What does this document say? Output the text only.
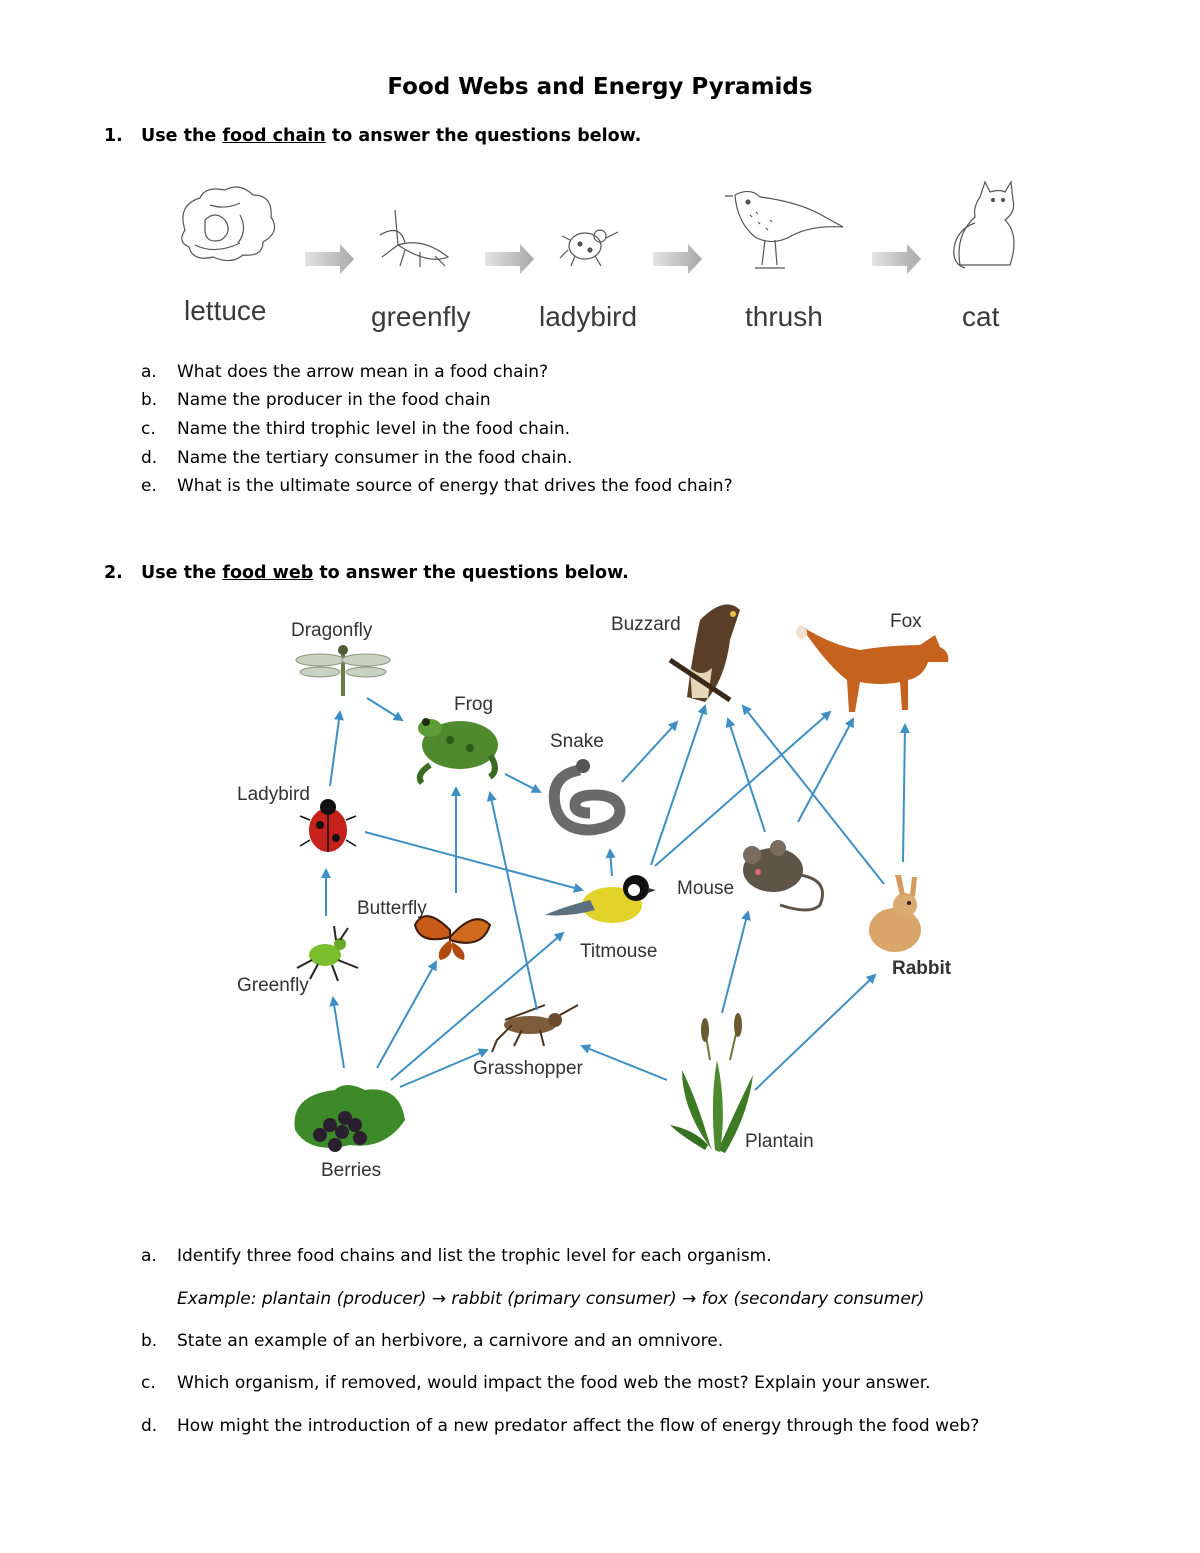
Food Webs and Energy Pyramids
1. Use the food chain to answer the questions below.
lettuce	greenfly ladybird	thrush	cat
a. What does the arrow mean in a food chain?
b. Name the producer in the food chain
c. Name the third trophic level in the food chain.
d. Name the tertiary consumer in the food chain.
e. What is the ultimate source of energy that drives the food chain?
2. Use the food web to answer the questions below.
Dragonfly	Buzzard	Fox
Frog
Snake
Ladybird
Butterfly
Mouse
Titmouse
Greenfly
Rabbit
Grasshopper
Plantain
Berries
a. Identify three food chains and list the trophic level for each organism.
Example: plantain (producer) → rabbit (primary consumer) → fox (secondary consumer)
b. State an example of an herbivore, a carnivore and an omnivore.
c. Which organism, if removed, would impact the food web the most? Explain your answer.
d. How might the introduction of a new predator affect the flow of energy through the food web?
